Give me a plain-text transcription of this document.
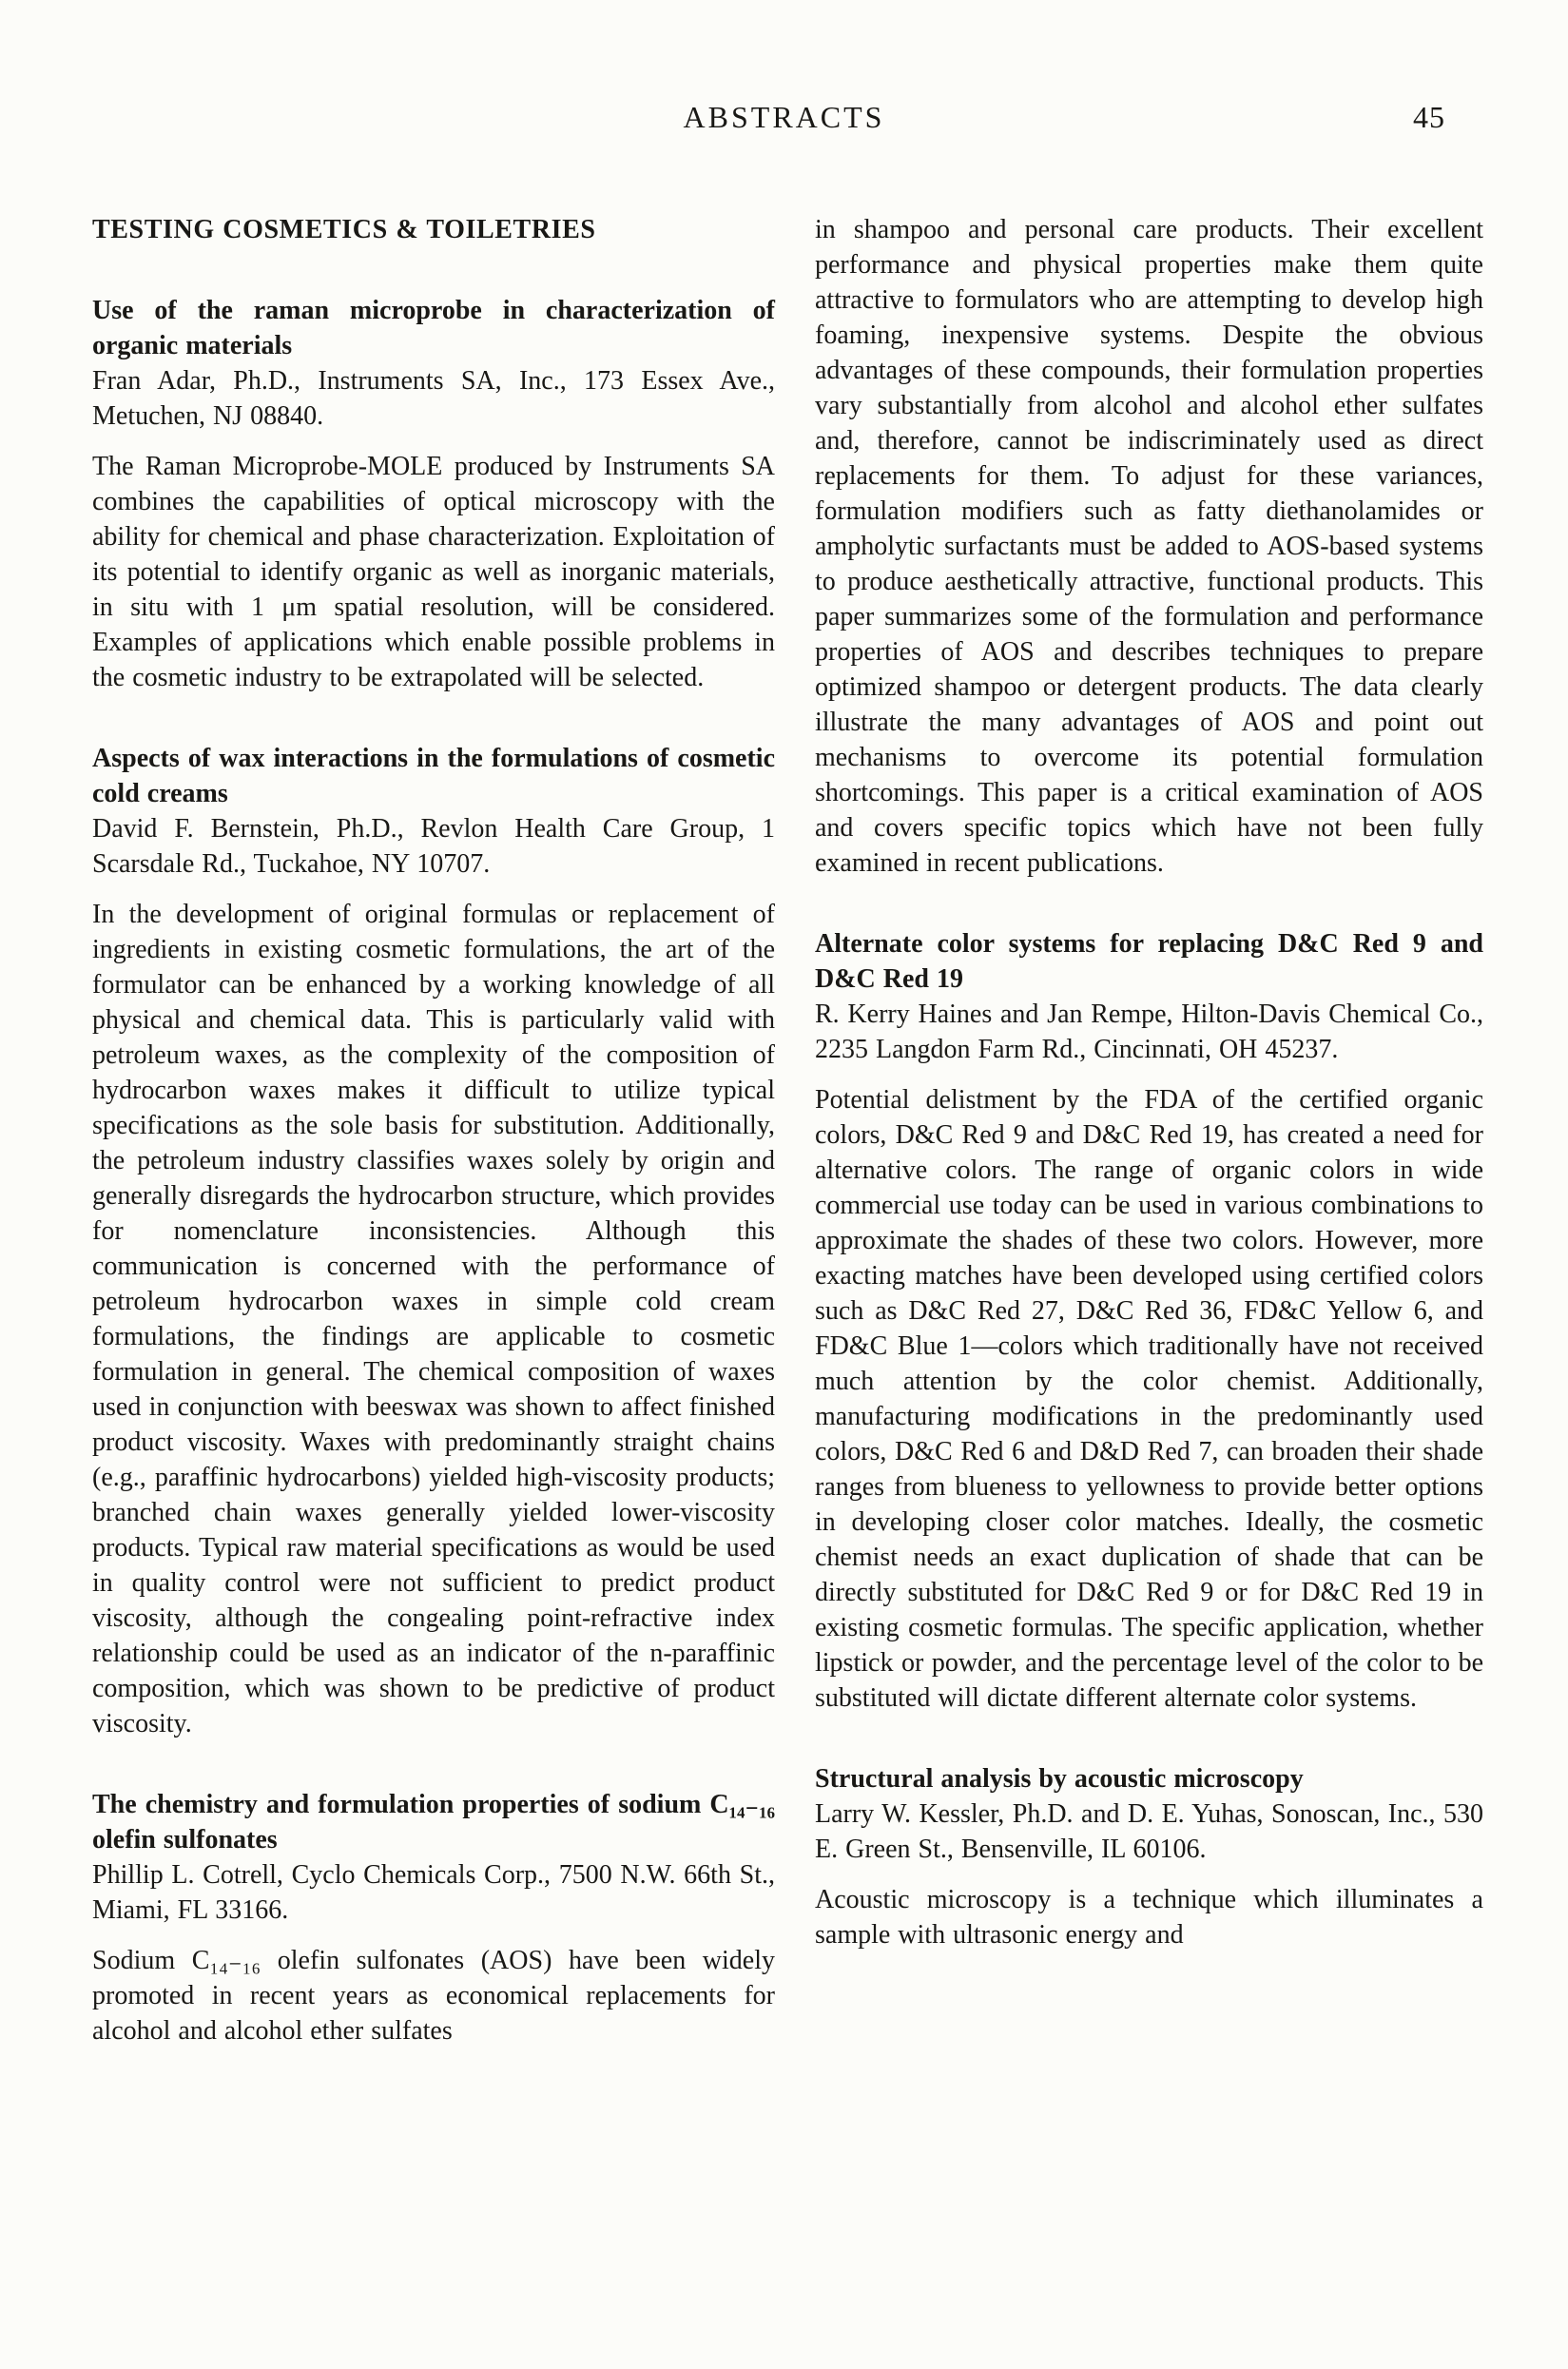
ABSTRACTS	45
TESTING COSMETICS & TOILETRIES
Use of the raman microprobe in characterization of organic materials

Fran Adar, Ph.D., Instruments SA, Inc., 173 Essex Ave., Metuchen, NJ 08840.

The Raman Microprobe-MOLE produced by Instruments SA combines the capabilities of optical microscopy with the ability for chemical and phase characterization. Exploitation of its potential to identify organic as well as inorganic materials, in situ with 1 μm spatial resolution, will be considered. Examples of applications which enable possible problems in the cosmetic industry to be extrapolated will be selected.

Aspects of wax interactions in the formulations of cosmetic cold creams

David F. Bernstein, Ph.D., Revlon Health Care Group, 1 Scarsdale Rd., Tuckahoe, NY 10707.

In the development of original formulas or replacement of ingredients in existing cosmetic formulations, the art of the formulator can be enhanced by a working knowledge of all physical and chemical data. This is particularly valid with petroleum waxes, as the complexity of the composition of hydrocarbon waxes makes it difficult to utilize typical specifications as the sole basis for substitution. Additionally, the petroleum industry classifies waxes solely by origin and generally disregards the hydrocarbon structure, which provides for nomenclature inconsistencies. Although this communication is concerned with the performance of petroleum hydrocarbon waxes in simple cold cream formulations, the findings are applicable to cosmetic formulation in general. The chemical composition of waxes used in conjunction with beeswax was shown to affect finished product viscosity. Waxes with predominantly straight chains (e.g., paraffinic hydrocarbons) yielded high-viscosity products; branched chain waxes generally yielded lower-viscosity products. Typical raw material specifications as would be used in quality control were not sufficient to predict product viscosity, although the congealing point-refractive index relationship could be used as an indicator of the n-paraffinic composition, which was shown to be predictive of product viscosity.

The chemistry and formulation properties of sodium C₁₄₋₁₆ olefin sulfonates

Phillip L. Cotrell, Cyclo Chemicals Corp., 7500 N.W. 66th St., Miami, FL 33166.

Sodium C₁₄₋₁₆ olefin sulfonates (AOS) have been widely promoted in recent years as economical replacements for alcohol and alcohol ether sulfates

in shampoo and personal care products. Their excellent performance and physical properties make them quite attractive to formulators who are attempting to develop high foaming, inexpensive systems. Despite the obvious advantages of these compounds, their formulation properties vary substantially from alcohol and alcohol ether sulfates and, therefore, cannot be indiscriminately used as direct replacements for them. To adjust for these variances, formulation modifiers such as fatty diethanolamides or ampholytic surfactants must be added to AOS-based systems to produce aesthetically attractive, functional products. This paper summarizes some of the formulation and performance properties of AOS and describes techniques to prepare optimized shampoo or detergent products. The data clearly illustrate the many advantages of AOS and point out mechanisms to overcome its potential formulation shortcomings. This paper is a critical examination of AOS and covers specific topics which have not been fully examined in recent publications.

Alternate color systems for replacing D&C Red 9 and D&C Red 19

R. Kerry Haines and Jan Rempe, Hilton-Davis Chemical Co., 2235 Langdon Farm Rd., Cincinnati, OH 45237.

Potential delistment by the FDA of the certified organic colors, D&C Red 9 and D&C Red 19, has created a need for alternative colors. The range of organic colors in wide commercial use today can be used in various combinations to approximate the shades of these two colors. However, more exacting matches have been developed using certified colors such as D&C Red 27, D&C Red 36, FD&C Yellow 6, and FD&C Blue 1—colors which traditionally have not received much attention by the color chemist. Additionally, manufacturing modifications in the predominantly used colors, D&C Red 6 and D&D Red 7, can broaden their shade ranges from blueness to yellowness to provide better options in developing closer color matches. Ideally, the cosmetic chemist needs an exact duplication of shade that can be directly substituted for D&C Red 9 or for D&C Red 19 in existing cosmetic formulas. The specific application, whether lipstick or powder, and the percentage level of the color to be substituted will dictate different alternate color systems.

Structural analysis by acoustic microscopy

Larry W. Kessler, Ph.D. and D. E. Yuhas, Sonoscan, Inc., 530 E. Green St., Bensenville, IL 60106.

Acoustic microscopy is a technique which illuminates a sample with ultrasonic energy and
